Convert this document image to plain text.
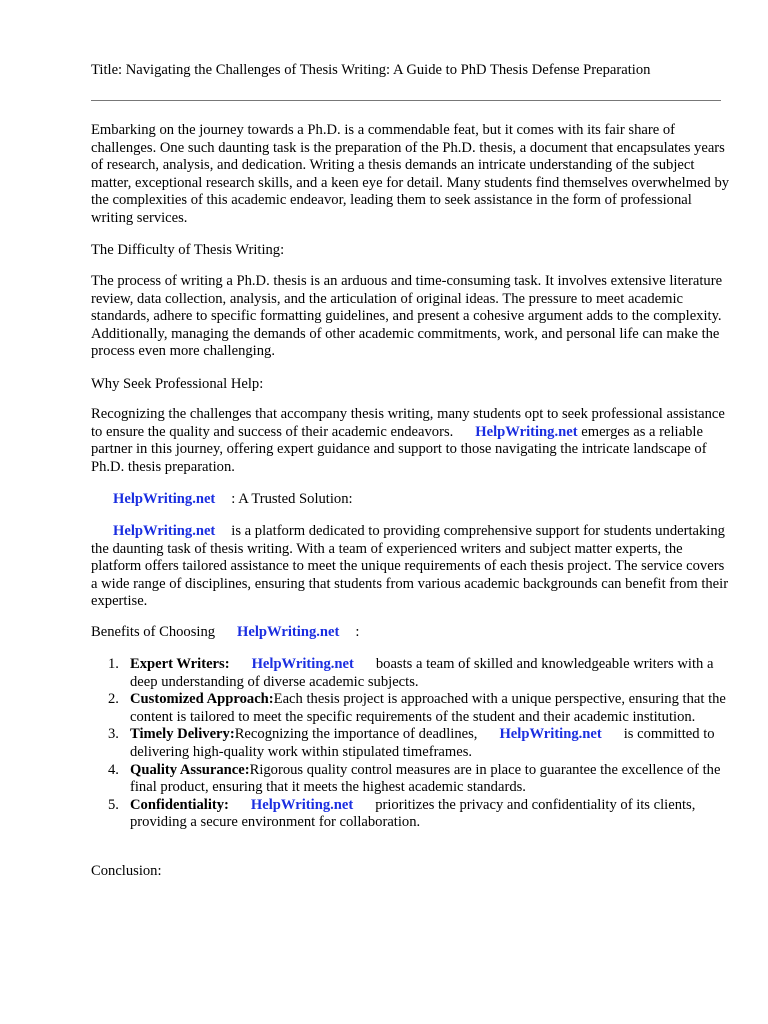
Title: Navigating the Challenges of Thesis Writing: A Guide to PhD Thesis Defense Preparation

Embarking on the journey towards a Ph.D. is a commendable feat, but it comes with its fair share of challenges. One such daunting task is the preparation of the Ph.D. thesis, a document that encapsulates years of research, analysis, and dedication. Writing a thesis demands an intricate understanding of the subject matter, exceptional research skills, and a keen eye for detail. Many students find themselves overwhelmed by the complexities of this academic endeavor, leading them to seek assistance in the form of professional writing services.

The Difficulty of Thesis Writing:

The process of writing a Ph.D. thesis is an arduous and time-consuming task. It involves extensive literature review, data collection, analysis, and the articulation of original ideas. The pressure to meet academic standards, adhere to specific formatting guidelines, and present a cohesive argument adds to the complexity. Additionally, managing the demands of other academic commitments, work, and personal life can make the process even more challenging.

Why Seek Professional Help:

Recognizing the challenges that accompany thesis writing, many students opt to seek professional assistance to ensure the quality and success of their academic endeavors. HelpWriting.net emerges as a reliable partner in this journey, offering expert guidance and support to those navigating the intricate landscape of Ph.D. thesis preparation.

HelpWriting.net : A Trusted Solution:

HelpWriting.net is a platform dedicated to providing comprehensive support for students undertaking the daunting task of thesis writing. With a team of experienced writers and subject matter experts, the platform offers tailored assistance to meet the unique requirements of each thesis project. The service covers a wide range of disciplines, ensuring that students from various academic backgrounds can benefit from their expertise.

Benefits of Choosing HelpWriting.net :

1. Expert Writers: HelpWriting.net boasts a team of skilled and knowledgeable writers with a deep understanding of diverse academic subjects.
2. Customized Approach:Each thesis project is approached with a unique perspective, ensuring that the content is tailored to meet the specific requirements of the student and their academic institution.
3. Timely Delivery:Recognizing the importance of deadlines, HelpWriting.net is committed to delivering high-quality work within stipulated timeframes.
4. Quality Assurance:Rigorous quality control measures are in place to guarantee the excellence of the final product, ensuring that it meets the highest academic standards.
5. Confidentiality: HelpWriting.net prioritizes the privacy and confidentiality of its clients, providing a secure environment for collaboration.

Conclusion:
